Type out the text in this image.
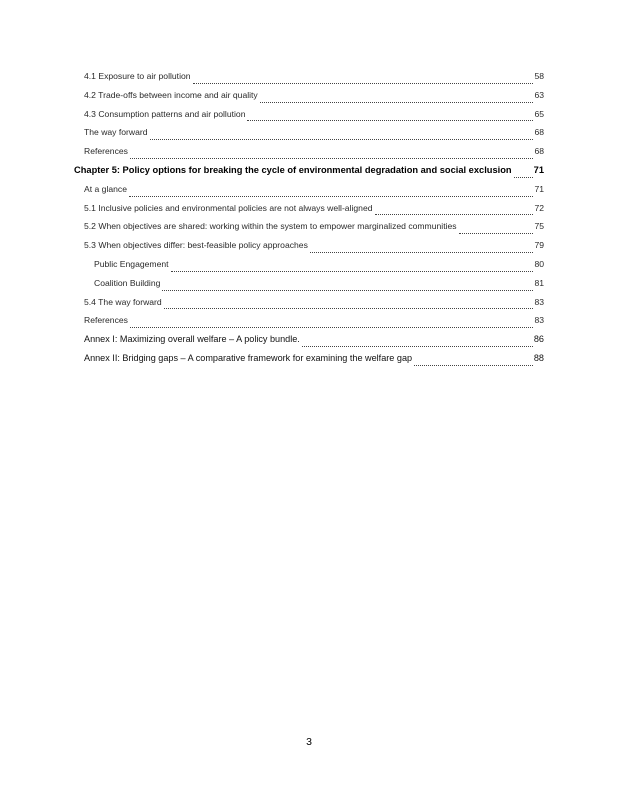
4.1 Exposure to air pollution	58
4.2 Trade-offs between income and air quality	63
4.3 Consumption patterns and air pollution	65
The way forward	68
References	68
Chapter 5: Policy options for breaking the cycle of environmental degradation and social exclusion 71
At a glance	71
5.1 Inclusive policies and environmental policies are not always well-aligned	72
5.2 When objectives are shared: working within the system to empower marginalized communities	75
5.3 When objectives differ: best-feasible policy approaches	79
Public Engagement	80
Coalition Building	81
5.4 The way forward	83
References	83
Annex I: Maximizing overall welfare – A policy bundle.	86
Annex II: Bridging gaps – A comparative framework for examining the welfare gap	88
3
